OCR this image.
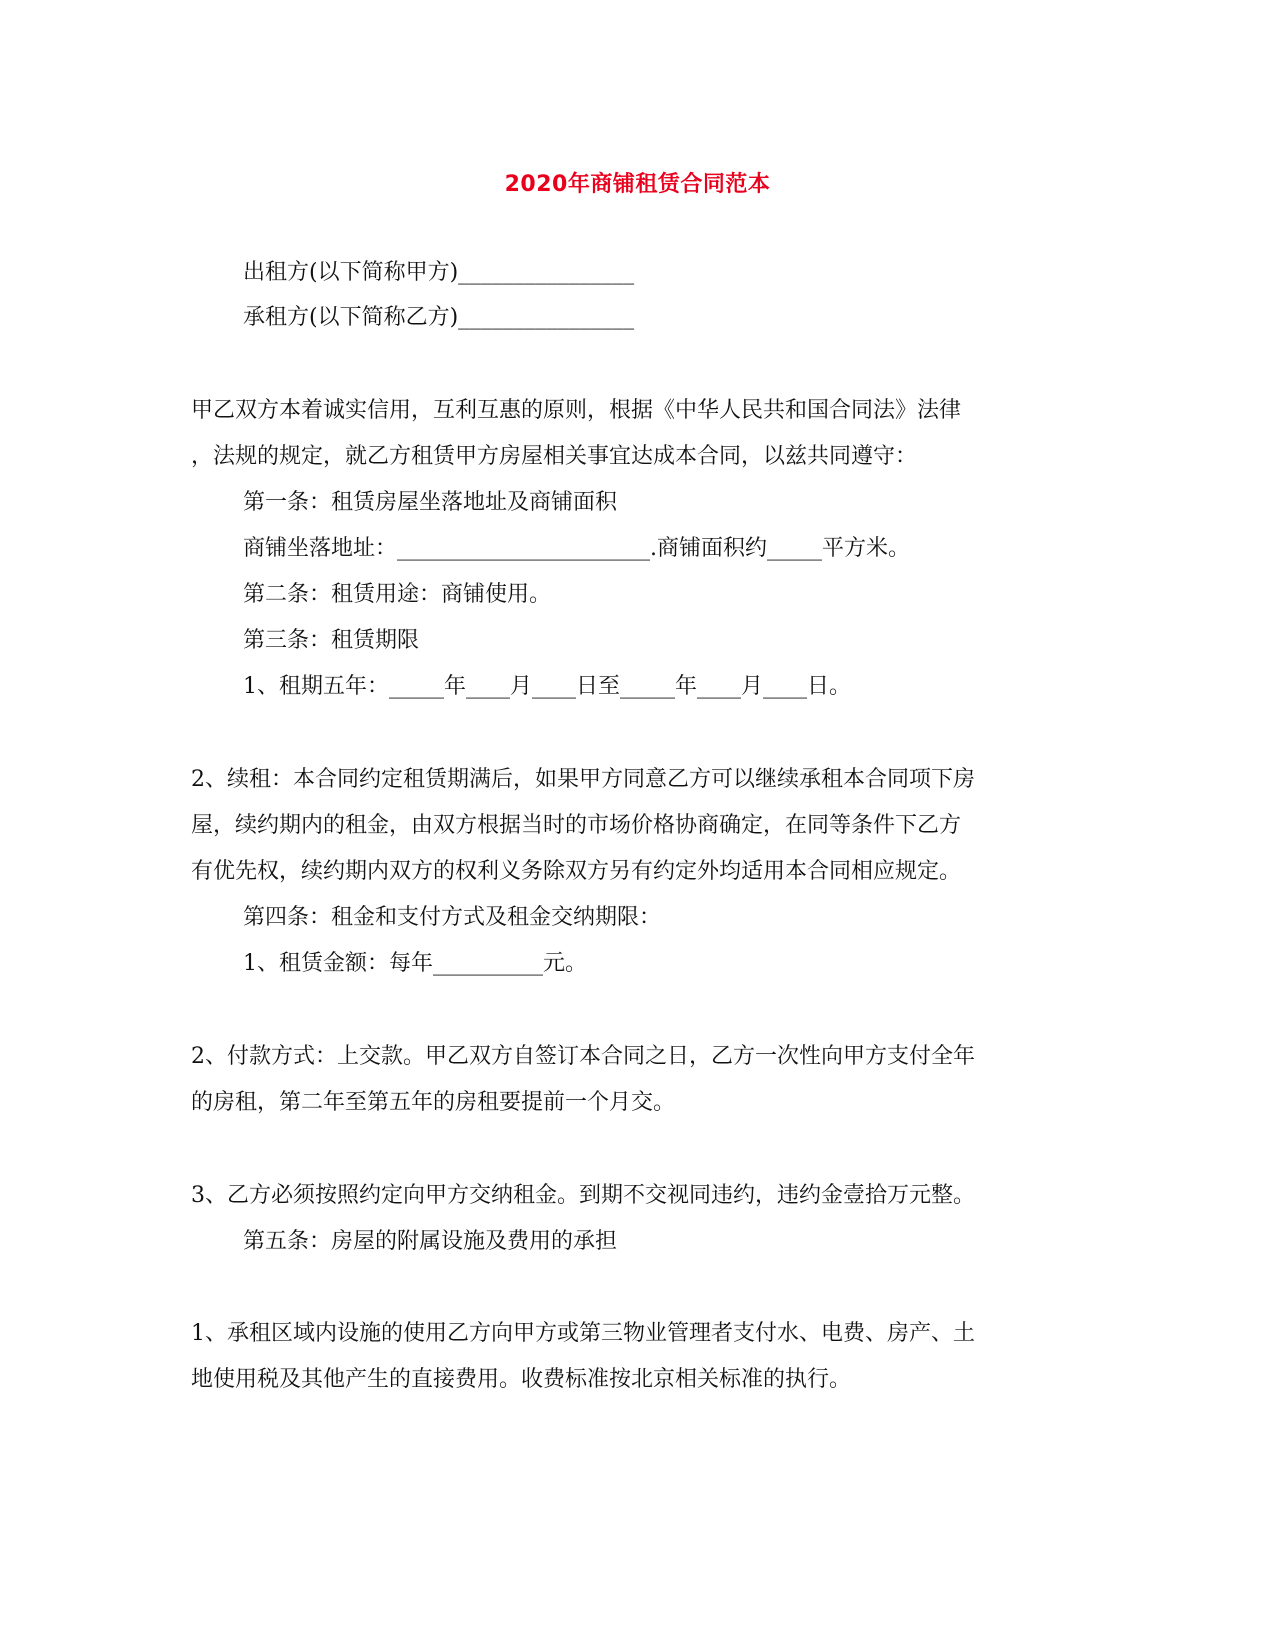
2020年商铺租赁合同范本
出租方(以下简称甲方)________________
承租方(以下简称乙方)________________
甲乙双方本着诚实信用，互利互惠的原则，根据《中华人民共和国合同法》法律
，法规的规定，就乙方租赁甲方房屋相关事宜达成本合同，以兹共同遵守：
第一条：租赁房屋坐落地址及商铺面积
商铺坐落地址：_______________________.商铺面积约_____平方米。
第二条：租赁用途：商铺使用。
第三条：租赁期限
1、租期五年：_____年____月____日至_____年____月____日。
2、续租：本合同约定租赁期满后，如果甲方同意乙方可以继续承租本合同项下房
屋，续约期内的租金，由双方根据当时的市场价格协商确定，在同等条件下乙方
有优先权，续约期内双方的权利义务除双方另有约定外均适用本合同相应规定。
第四条：租金和支付方式及租金交纳期限：
1、租赁金额：每年__________元。
2、付款方式：上交款。甲乙双方自签订本合同之日，乙方一次性向甲方支付全年
的房租，第二年至第五年的房租要提前一个月交。
3、乙方必须按照约定向甲方交纳租金。到期不交视同违约，违约金壹拾万元整。
第五条：房屋的附属设施及费用的承担
1、承租区域内设施的使用乙方向甲方或第三物业管理者支付水、电费、房产、土
地使用税及其他产生的直接费用。收费标准按北京相关标准的执行。
